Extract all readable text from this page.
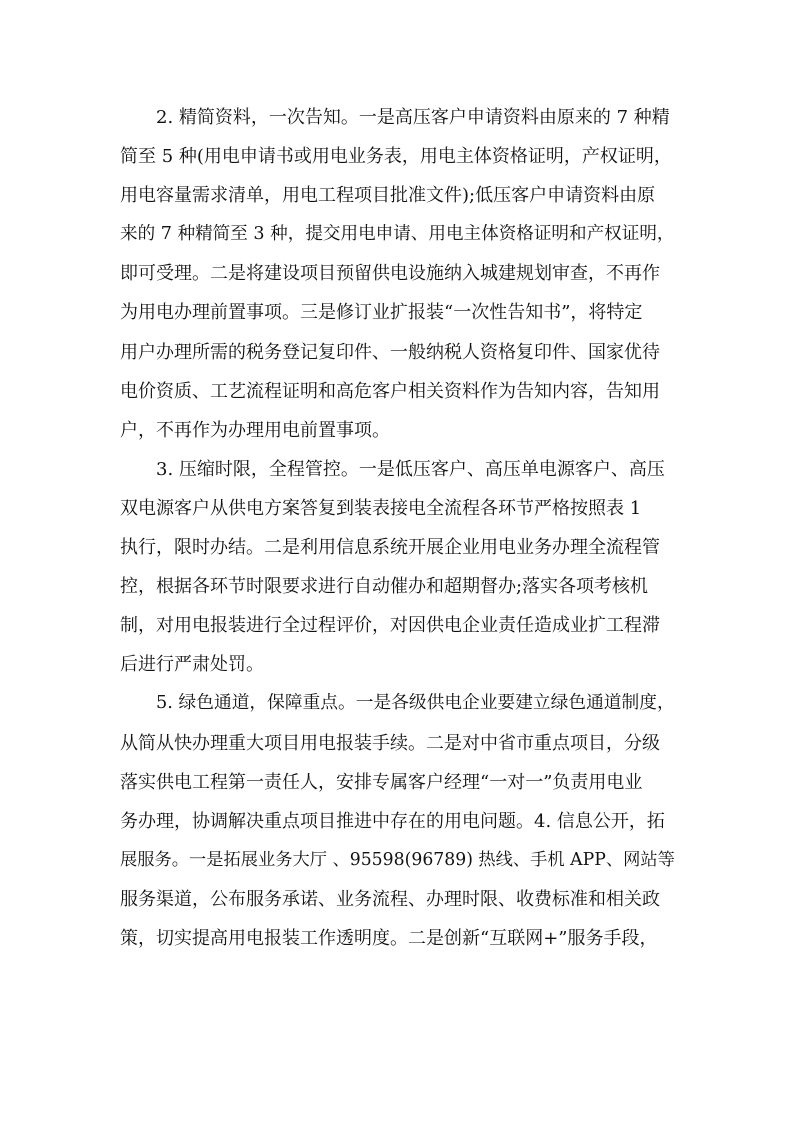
2. 精简资料，一次告知。一是高压客户申请资料由原来的 7 种精
简至 5 种(用电申请书或用电业务表，用电主体资格证明，产权证明，
用电容量需求清单，用电工程项目批准文件);低压客户申请资料由原
来的 7 种精简至 3 种，提交用电申请、用电主体资格证明和产权证明，
即可受理。二是将建设项目预留供电设施纳入城建规划审查，不再作
为用电办理前置事项。三是修订业扩报装“一次性告知书”，将特定
用户办理所需的税务登记复印件、一般纳税人资格复印件、国家优待
电价资质、工艺流程证明和高危客户相关资料作为告知内容，告知用
户，不再作为办理用电前置事项。
3. 压缩时限，全程管控。一是低压客户、高压单电源客户、高压
双电源客户从供电方案答复到装表接电全流程各环节严格按照表 1
执行，限时办结。二是利用信息系统开展企业用电业务办理全流程管
控，根据各环节时限要求进行自动催办和超期督办;落实各项考核机
制，对用电报装进行全过程评价，对因供电企业责任造成业扩工程滞
后进行严肃处罚。
5. 绿色通道，保障重点。一是各级供电企业要建立绿色通道制度，
从简从快办理重大项目用电报装手续。二是对中省市重点项目，分级
落实供电工程第一责任人，安排专属客户经理“一对一”负责用电业
务办理，协调解决重点项目推进中存在的用电问题。4. 信息公开，拓
展服务。一是拓展业务大厅 、95598(96789) 热线、手机 APP、网站等
服务渠道，公布服务承诺、业务流程、办理时限、收费标准和相关政
策，切实提高用电报装工作透明度。二是创新“互联网+”服务手段，
